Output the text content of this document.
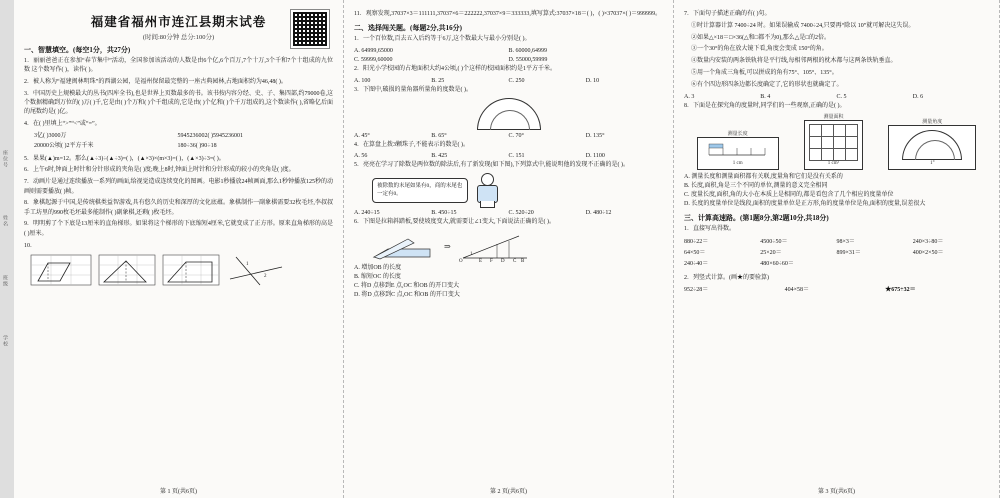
座位号
姓名
班级
学校
福建省福州市连江县期末试卷
(时间:80分钟 总分:100分)
一、智慧填空。(每空1分，共27分)

1．丽丽爸爸正在参加“春节集中”活动，全国参加该活动的人数是由6个亿,6个百万,7个十万,3个千和7个十组成的九位数 这个数写作( )，读作( )。

2．被人称为“福建闽林明珠”的西湖公园，是福州保留最完整的一座古典园林,占地面积约为46,48( )。

3．中国历史上规模最大的丛书(四库全书),也是世界上页数最多的书。该书按内容分经、史、子、集四部,约79000卷,这个数据精确到万位的( )万( )千,它是由( )个万和( )个千组成的,它是由( )个亿和( )个千万组成的,这个数读作( ),省略亿后面的尾数约是( )亿。

4．在( )里填上“>”“<”或“=”。

3亿( )3000万	5945236002( )5945236001
20000公顷( )2平方千米	180÷36( )90÷18

5．果果(▲)m=12。那么(▲÷3)÷(▲÷3)=( )，(▲×3)×(m×3)=( )，(▲×3)÷3=( )。

6．上午6时,钟面上时针和分针形成的夹角是( )度;晚上8时,钟面上时针和分针形成的较小的夹角是( )度。

7．动画片是通过连续播放一系列的画面,给视觉造成连续变化的图画。电影1秒播放24帧画面,那么1秒钟播放125秒的动画则需要播放( )帧。

8．象棋起源于中国,是传统棋类益智游戏,具有悠久的历史和深厚的文化底蕴。象棋制作一副象棋需要32枚毛坯,李叔叔手工坊里的990枚毛坯最多能制作( )副象棋,还剩( )枚毛坯。

9．明明剪了个下底是13厘米的直角梯形。如果将这个梯形的下底缩短4厘米,它就变成了正方形。原来直角梯形的高是( )厘米。

10．

1
2
第 1 页(共6页)

11．观察发现,37037×3＝111111,37037×6＝222222,37037×9＝333333,填写算式:37037×18＝( )，( )×37037×( )＝999999。

二、选择闯关题。(每题2分,共16分)

1．一个百位数,百去五入后约等于6万,这个数最大与最小分别是( )。

A. 64999,65000	B. 60000,64999
C. 59999,60000	D. 55000,59999

2．阳光小学校园的占地面积大约4公顷,( )个这样的校园面积约是1平方千米。

A. 100	B. 25	C. 250	D. 10

3．下图中,破损的量角器所量角的度数是( )。

A. 45°	B. 65°	C. 70°	D. 135°

4．在算盘上拨3颗珠子,不能表示的数是( )。

A. 56	B. 425	C. 151	D. 1100

5．亮亮在学习了除数是两位数的除法后,有了新发现(如下图),下列算式中,能说明他的发现不正确的是( )。

被除数的末尾如果有0，商的末尾也一定有0。
A. 240÷15	B. 450÷15	C. 520÷20	D. 480÷12

6．下图是拉箱斜踏板,要使坡度变大,就需要让∠1变大,下面说法正确的是( )。

⇒
O	E F D C B
1
A. 增加OB 的长度
B. 缩短OC 的长度
C. 将D 点移到E 点,OC 和OB 的开口变大
D. 将D 点移到C 点,OC 和OB 的开口变大
第 2 页(共6页)

7．下面句子描述正确的有( )句。

①时计算器计算 7400÷24 时。如果误输成 7400÷24,只要再“除以 10”就可解决这失误。

②如果△×18＝□×36(△和□都不为0),那么△是□的2倍。

③一个30°的角在放大镜下看,角度会变成 150°的角。

④数量内安装的两条铁轨将是平行线,每相邻两根的枕木都与这两条铁轨垂直。

⑤用一个角成三角板,可以拼成的角有75°、105°、135°。

⑥有个四边形四条边都长度确定了,它的形状也就确定了。

A. 3	B. 4	C. 5	D. 6

8．下面是在探究角的度量时,同学们的一些观察,正确的是( )。

测量长度
1 cm
测量面积

1 cm²
测量角度
1°
A. 测量长度和测量面积都有关联,度量角和它们是没有关系的
B. 长度,面积,角是三个不同的单位,测量的意义完全相同
C. 度量长度,面积,角的大小在本质上是相同的,都是看包含了几个相应的度量单位
D. 长度的度量单位是线段,面积的度量单位是正方形,角的度量单位是角,面积的度量,误差很大
三、计算高速路。(第1题8分,第2题10分,共18分)

1．直接写出得数。

880÷22＝	4500÷50＝	98×3＝	240×3÷80＝
64×50＝	25×20＝	899×31＝	400×2×50＝
240÷40＝	480×60÷60＝

2．列竖式计算。(画★的要验算)

952÷28＝	404×58＝	★675÷32＝
第 3 页(共6页)
